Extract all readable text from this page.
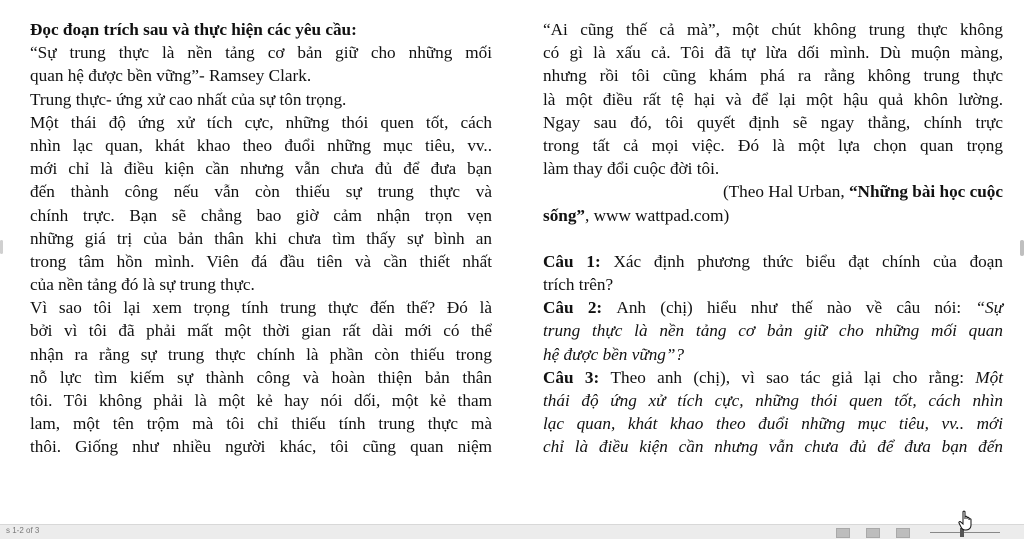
Đọc đoạn trích sau và thực hiện các yêu cầu:
“Sự trung thực là nền tảng cơ bản giữ cho những mối
quan hệ được bền vững”- Ramsey Clark.
Trung thực- ứng xử cao nhất của sự tôn trọng.
Một thái độ ứng xử tích cực, những thói quen tốt, cách
nhìn lạc quan, khát khao theo đuổi những mục tiêu, vv..
mới chỉ là điều kiện cần nhưng vẫn chưa đủ để đưa bạn
đến thành công nếu vẫn còn thiếu sự trung thực và
chính trực. Bạn sẽ chẳng bao giờ cảm nhận trọn vẹn
những giá trị của bản thân khi chưa tìm thấy sự bình an
trong tâm hồn mình. Viên đá đầu tiên và cần thiết nhất
của nền tảng đó là sự trung thực.
Vì sao tôi lại xem trọng tính trung thực đến thế? Đó là
bởi vì tôi đã phải mất một thời gian rất dài mới có thể
nhận ra rằng sự trung thực chính là phần còn thiếu trong
nỗ lực tìm kiếm sự thành công và hoàn thiện bản thân
tôi. Tôi không phải là một kẻ hay nói dối, một kẻ tham
lam, một tên trộm mà tôi chỉ thiếu tính trung thực mà
thôi. Giống như nhiều người khác, tôi cũng quan niệm
“Ai cũng thế cả mà”, một chút không trung thực không
có gì là xấu cả. Tôi đã tự lừa dối mình. Dù muộn màng,
nhưng rồi tôi cũng khám phá ra rằng không trung thực
là một điều rất tệ hại và để lại một hậu quả khôn lường.
Ngay sau đó, tôi quyết định sẽ ngay thẳng, chính trực
trong tất cả mọi việc. Đó là một lựa chọn quan trọng
làm thay đổi cuộc đời tôi.
(Theo Hal Urban, “Những bài học cuộc
sống”, www wattpad.com)
Câu 1: Xác định phương thức biểu đạt chính của đoạn
trích trên?
Câu 2: Anh (chị) hiểu như thế nào về câu nói: “Sự
trung thực là nền tảng cơ bản giữ cho những mối quan
hệ được bền vững”?
Câu 3: Theo anh (chị), vì sao tác giả lại cho rằng: Một
thái độ ứng xử tích cực, những thói quen tốt, cách nhìn
lạc quan, khát khao theo đuổi những mục tiêu, vv.. mới
chỉ là điều kiện cần nhưng vẫn chưa đủ để đưa bạn đến
s 1-2 of 3
